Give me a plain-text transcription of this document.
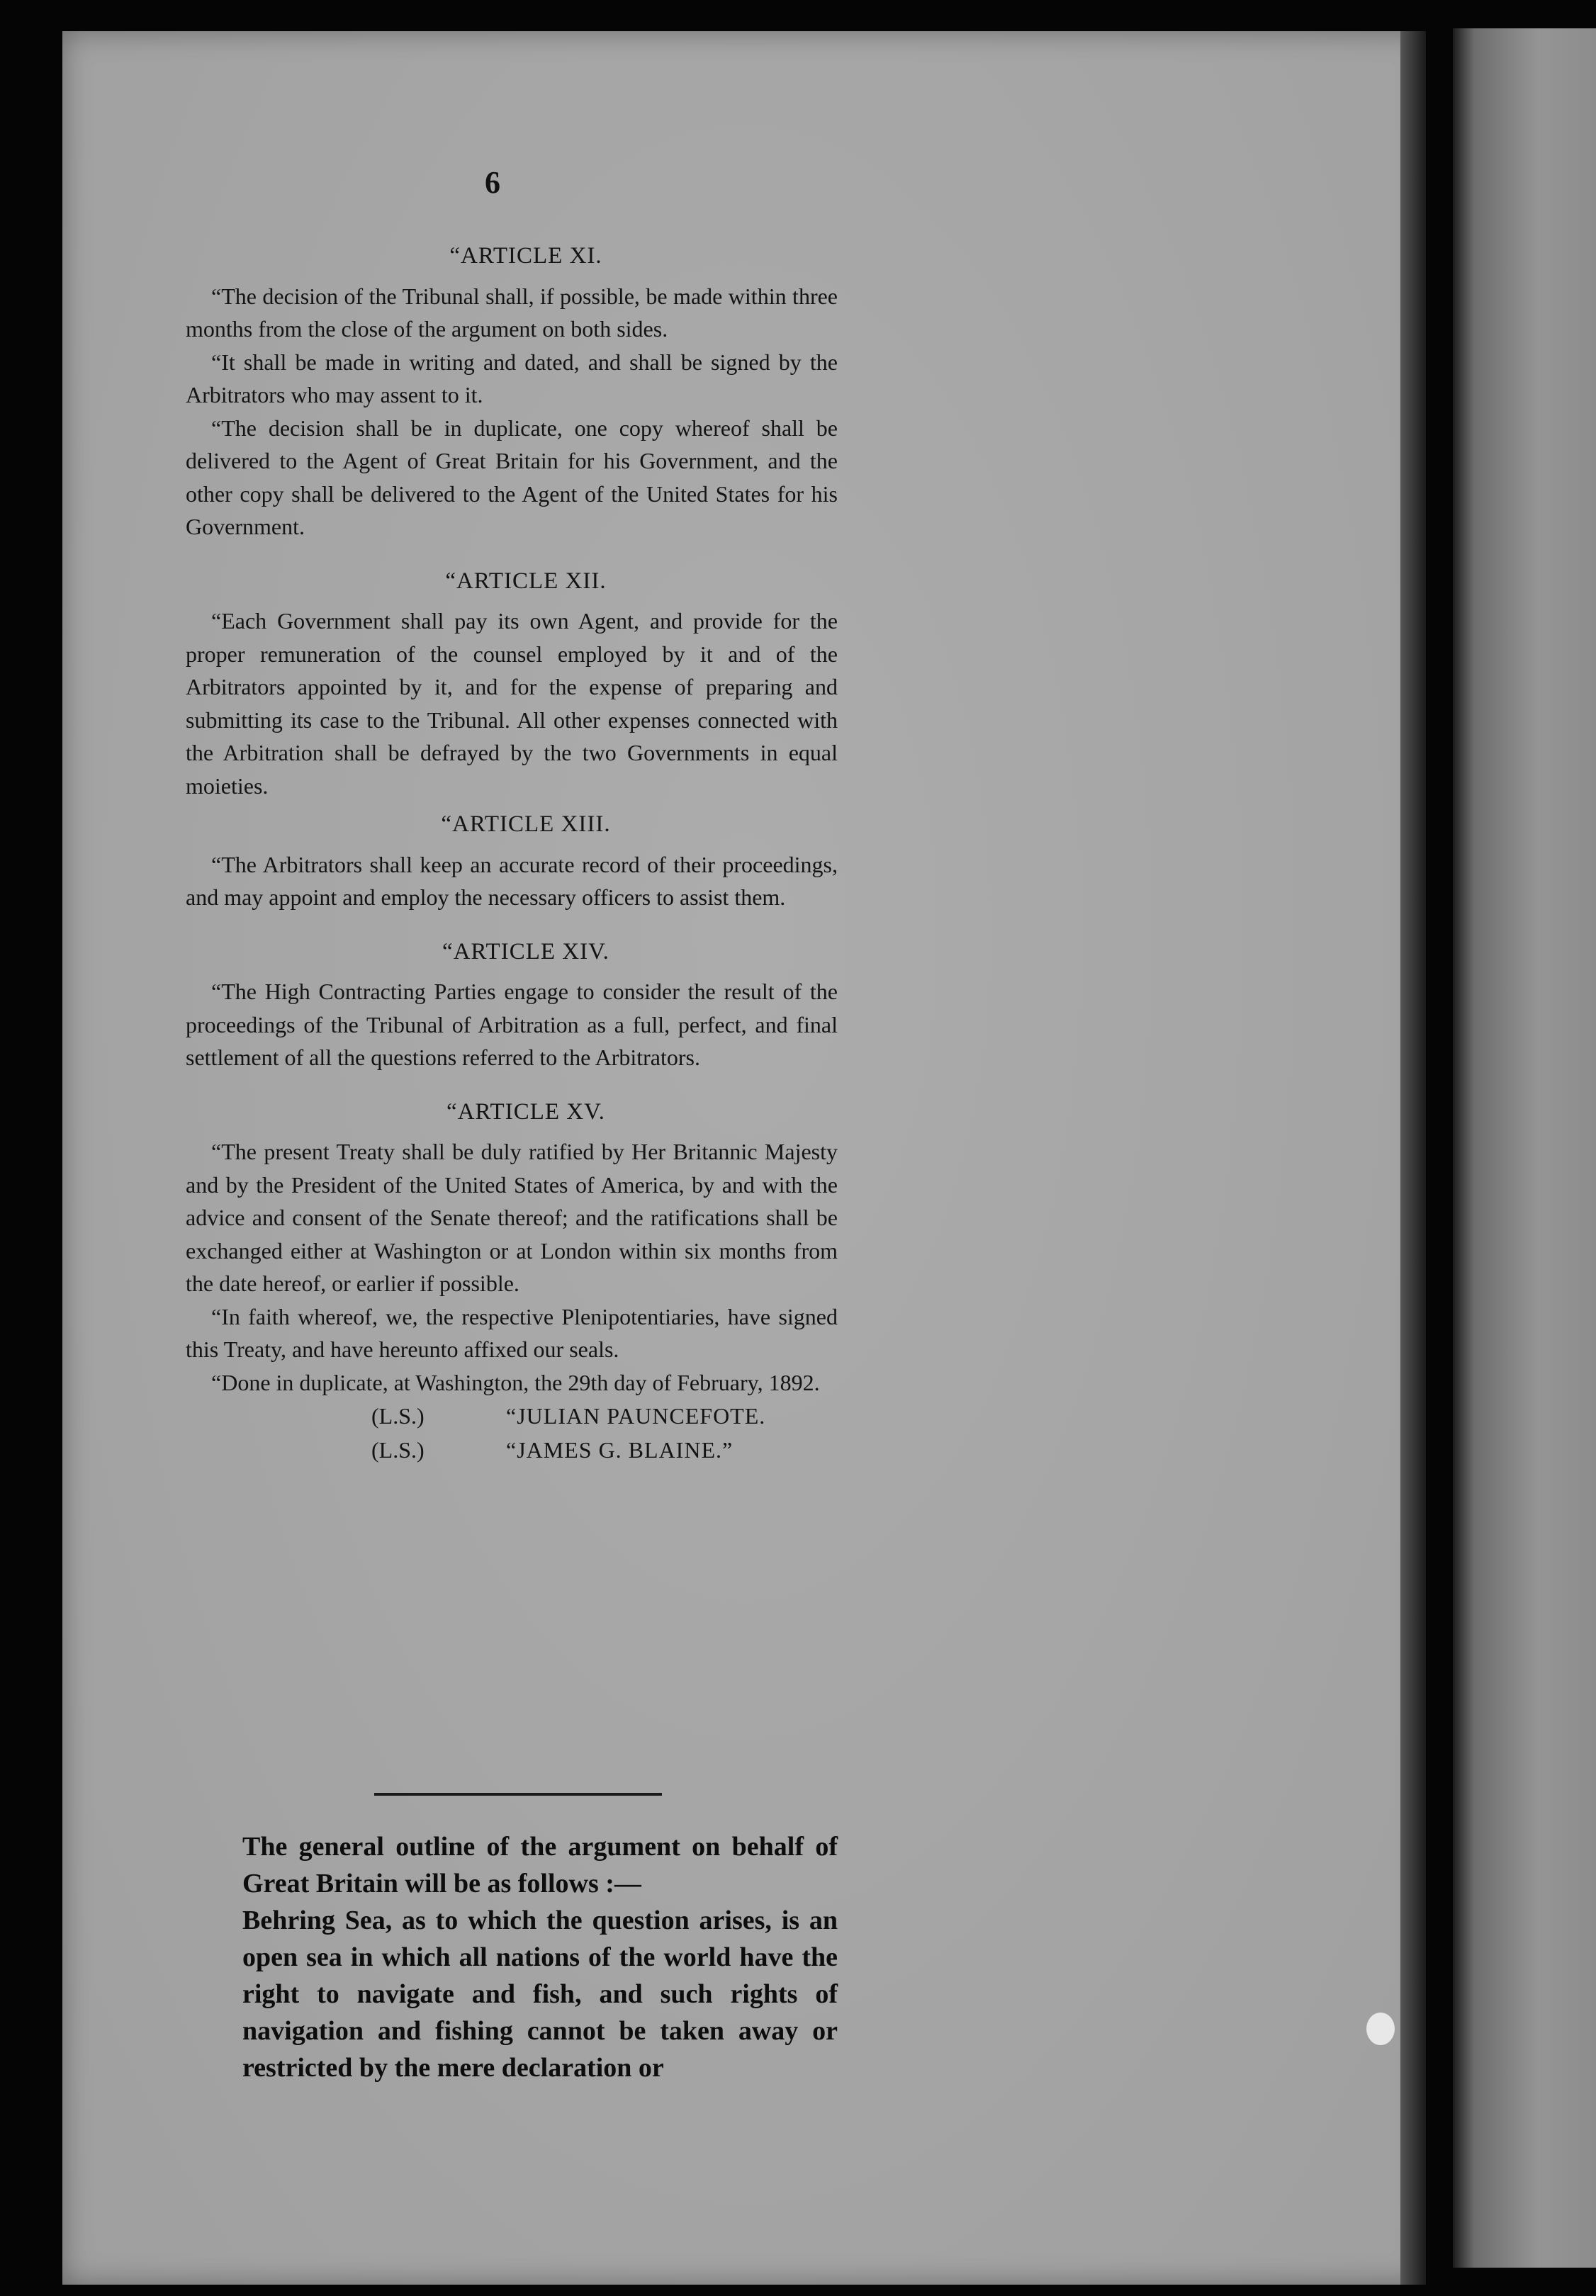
6
“ARTICLE XI.

“The decision of the Tribunal shall, if possible, be made within three months from the close of the argument on both sides.

“It shall be made in writing and dated, and shall be signed by the Arbitrators who may assent to it.

“The decision shall be in duplicate, one copy whereof shall be delivered to the Agent of Great Britain for his Government, and the other copy shall be delivered to the Agent of the United States for his Government.

“ARTICLE XII.

“Each Government shall pay its own Agent, and provide for the proper remuneration of the counsel employed by it and of the Arbitrators appointed by it, and for the expense of preparing and submitting its case to the Tribunal. All other expenses connected with the Arbitration shall be defrayed by the two Governments in equal moieties.

“ARTICLE XIII.

“The Arbitrators shall keep an accurate record of their proceedings, and may appoint and employ the necessary officers to assist them.

“ARTICLE XIV.

“The High Contracting Parties engage to consider the result of the proceedings of the Tribunal of Arbitration as a full, perfect, and final settlement of all the questions referred to the Arbitrators.

“ARTICLE XV.

“The present Treaty shall be duly ratified by Her Britannic Majesty and by the President of the United States of America, by and with the advice and consent of the Senate thereof; and the ratifications shall be exchanged either at Washington or at London within six months from the date hereof, or earlier if possible.

“In faith whereof, we, the respective Plenipotentiaries, have signed this Treaty, and have hereunto affixed our seals.

“Done in duplicate, at Washington, the 29th day of February, 1892.

(L.S.)	“JULIAN PAUNCEFOTE.
(L.S.)	“JAMES G. BLAINE.”

The general outline of the argument on behalf of Great Britain will be as follows :—

Behring Sea, as to which the question arises, is an open sea in which all nations of the world have the right to navigate and fish, and such rights of navigation and fishing cannot be taken away or restricted by the mere declaration or
